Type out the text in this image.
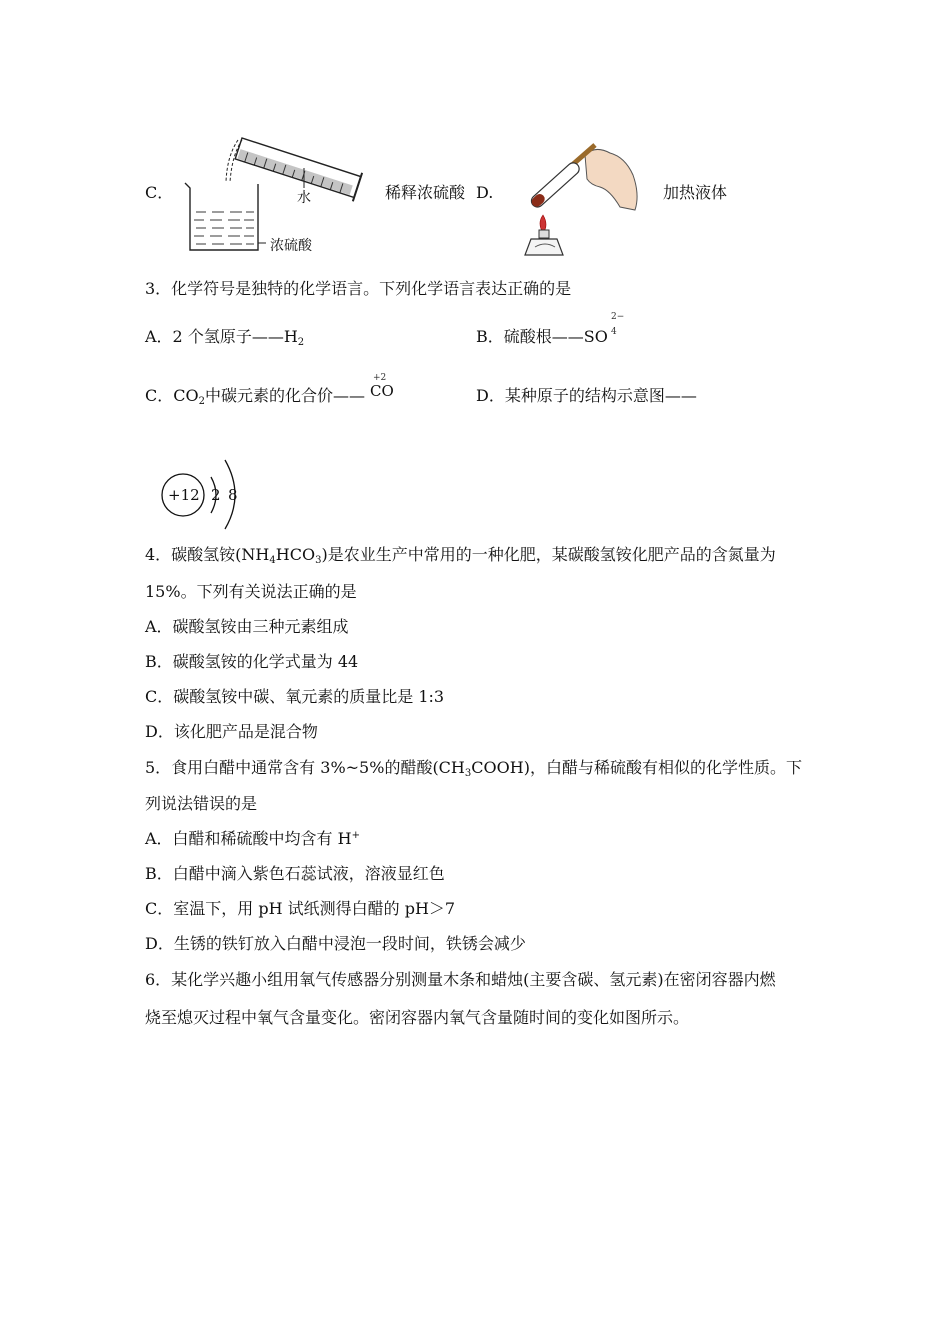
C．	水
浓硫酸
稀释浓硫酸 D.	加热液体
3．化学符号是独特的化学语言。下列化学语言表达正确的是
A．2 个氢原子$——H_2$	B．硫酸根——SO
2−
4
C．$CO_2$中碳元素的化合价——
+2
CO	D．某种原子的结构示意图——
+12 2 8
4．碳酸氢铵$(NH_4HCO_3)$是农业生产中常用的一种化肥，某碳酸氢铵化肥产品的含氮量为
15%。下列有关说法正确的是
A．碳酸氢铵由三种元素组成
B．碳酸氢铵的化学式量为 44
C．碳酸氢铵中碳、氧元素的质量比是 1:3
D．该化肥产品是混合物
5．食用白醋中通常含有 3%~5%的醋酸$(CH_3COOH)$，白醋与稀硫酸有相似的化学性质。下
列说法错误的是
A．白醋和稀硫酸中均含有 H+
B．白醋中滴入紫色石蕊试液，溶液显红色
C．室温下，用 pH 试纸测得白醋的 pH＞7
D．生锈的铁钉放入白醋中浸泡一段时间，铁锈会减少
6．某化学兴趣小组用氧气传感器分别测量木条和蜡烛(主要含碳、氢元素)在密闭容器内燃
烧至熄灭过程中氧气含量变化。密闭容器内氧气含量随时间的变化如图所示。
